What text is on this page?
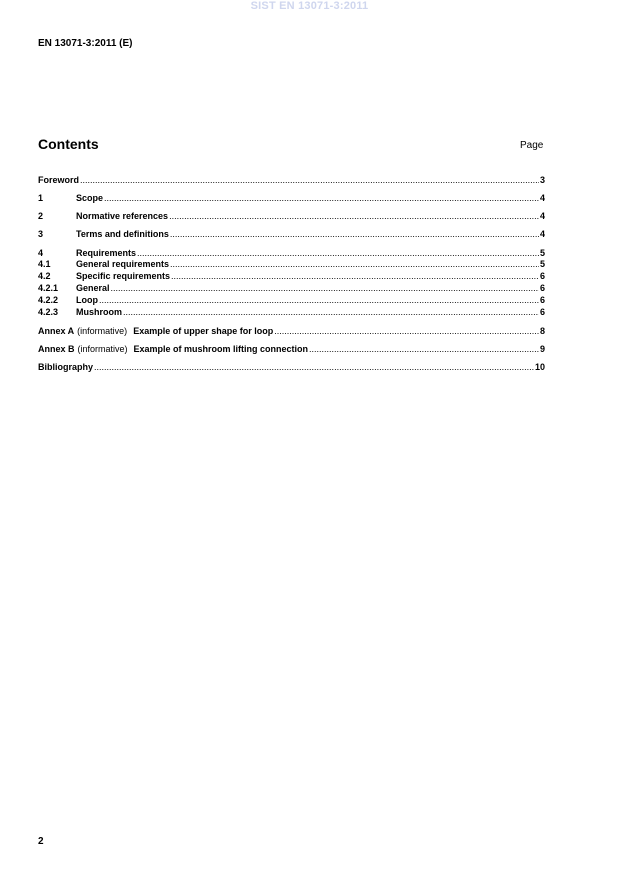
SIST EN 13071-3:2011
EN 13071-3:2011 (E)
Contents	Page
Foreword .....	3
1	Scope .....	4
2	Normative references .....	4
3	Terms and definitions .....	4
4	Requirements .....	5
4.1	General requirements .....	5
4.2	Specific requirements .....	6
4.2.1	General .....	6
4.2.2	Loop .....	6
4.2.3	Mushroom .....	6
Annex A (informative) Example of upper shape for loop .....	8
Annex B (informative) Example of mushroom lifting connection .....	9
Bibliography .....	10
2
